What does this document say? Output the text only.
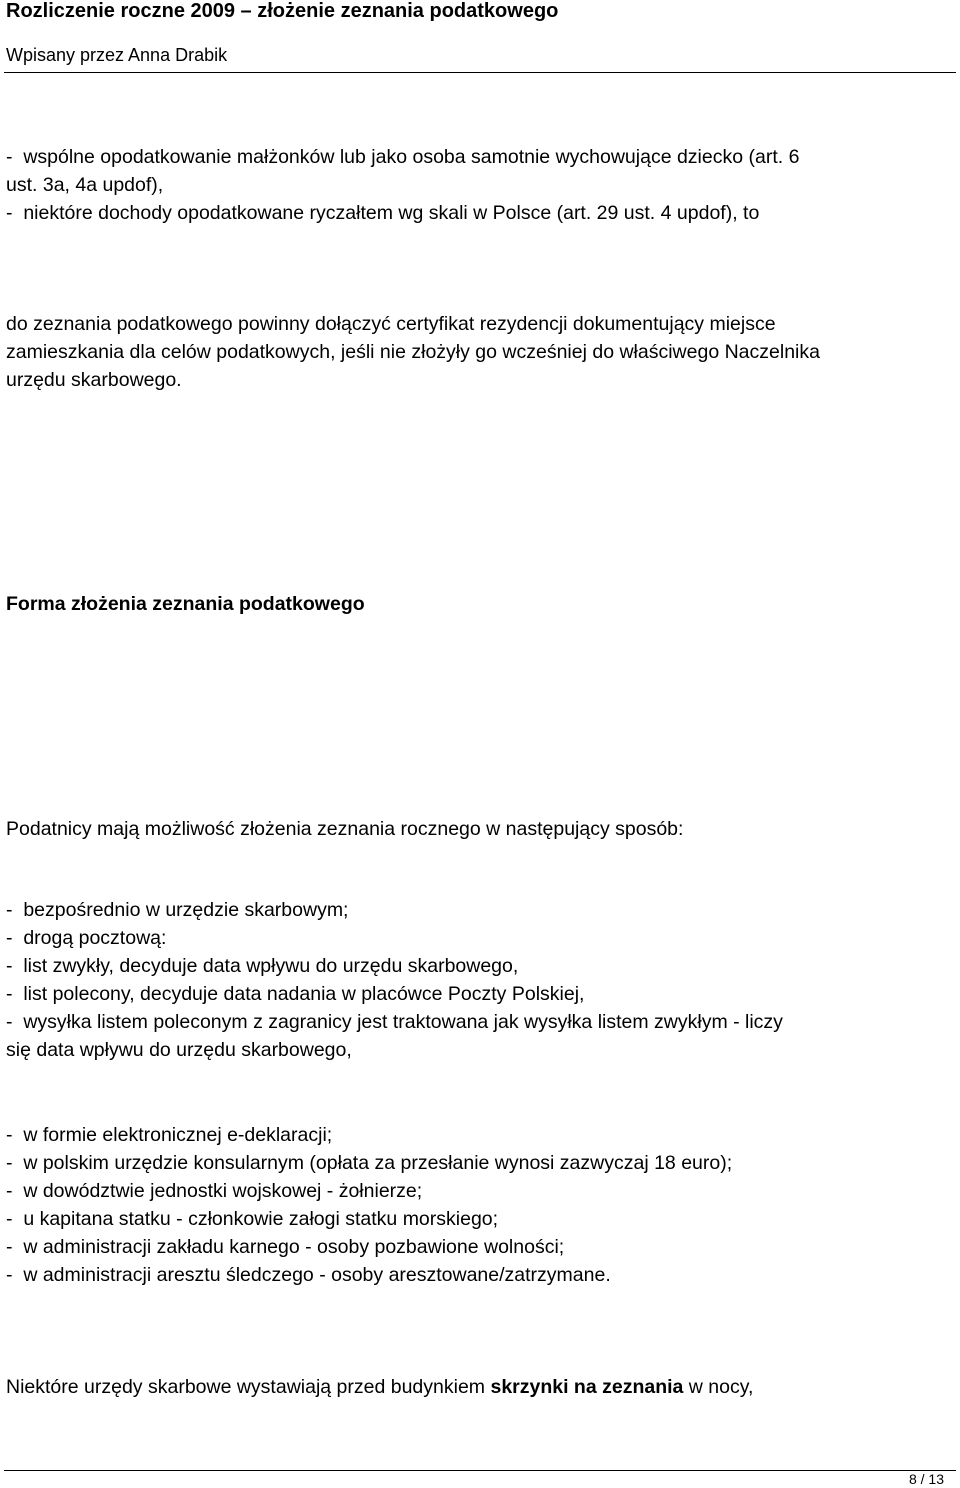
Rozliczenie roczne 2009 – złożenie zeznania podatkowego
Wpisany przez Anna Drabik
-  wspólne opodatkowanie małżonków lub jako osoba samotnie wychowujące dziecko (art. 6
ust. 3a, 4a updof),
-  niektóre dochody opodatkowane ryczałtem wg skali w Polsce (art. 29 ust. 4 updof), to
do zeznania podatkowego powinny dołączyć certyfikat rezydencji dokumentujący miejsce
zamieszkania dla celów podatkowych, jeśli nie złożyły go wcześniej do właściwego Naczelnika
urzędu skarbowego.
Forma złożenia zeznania podatkowego
Podatnicy mają możliwość złożenia zeznania rocznego w następujący sposób:
-  bezpośrednio w urzędzie skarbowym;
-  drogą pocztową:
-  list zwykły, decyduje data wpływu do urzędu skarbowego,
-  list polecony, decyduje data nadania w placówce Poczty Polskiej,
-  wysyłka listem poleconym z zagranicy jest traktowana jak wysyłka listem zwykłym - liczy
się data wpływu do urzędu skarbowego,
-  w formie elektronicznej e-deklaracji;
-  w polskim urzędzie konsularnym (opłata za przesłanie wynosi zazwyczaj 18 euro);
-  w dowództwie jednostki wojskowej - żołnierze;
-  u kapitana statku - członkowie załogi statku morskiego;
-  w administracji zakładu karnego - osoby pozbawione wolności;
-  w administracji aresztu śledczego - osoby aresztowane/zatrzymane.
Niektóre urzędy skarbowe wystawiają przed budynkiem skrzynki na zeznania w nocy,
8 / 13
